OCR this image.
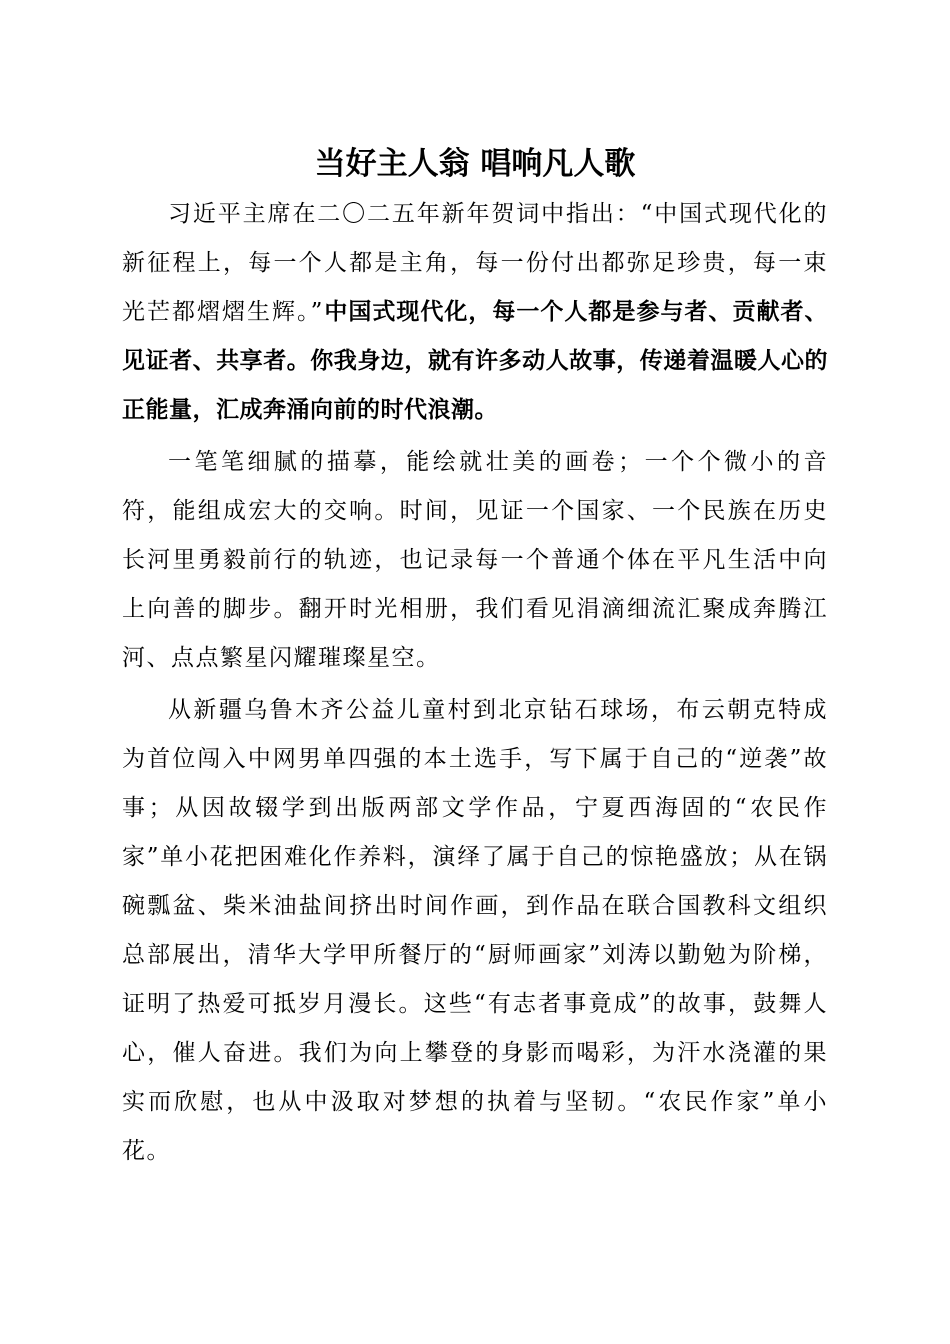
当好主人翁 唱响凡人歌

习近平主席在二〇二五年新年贺词中指出：“中国式现代化的新征程上，每一个人都是主角，每一份付出都弥足珍贵，每一束光芒都熠熠生辉。”中国式现代化，每一个人都是参与者、贡献者、见证者、共享者。你我身边，就有许多动人故事，传递着温暖人心的正能量，汇成奔涌向前的时代浪潮。

一笔笔细腻的描摹，能绘就壮美的画卷；一个个微小的音符，能组成宏大的交响。时间，见证一个国家、一个民族在历史长河里勇毅前行的轨迹，也记录每一个普通个体在平凡生活中向上向善的脚步。翻开时光相册，我们看见涓滴细流汇聚成奔腾江河、点点繁星闪耀璀璨星空。

从新疆乌鲁木齐公益儿童村到北京钻石球场，布云朝克特成为首位闯入中网男单四强的本土选手，写下属于自己的“逆袭”故事；从因故辍学到出版两部文学作品，宁夏西海固的“农民作家”单小花把困难化作养料，演绎了属于自己的惊艳盛放；从在锅碗瓢盆、柴米油盐间挤出时间作画，到作品在联合国教科文组织总部展出，清华大学甲所餐厅的“厨师画家”刘涛以勤勉为阶梯，证明了热爱可抵岁月漫长。这些“有志者事竟成”的故事，鼓舞人心，催人奋进。我们为向上攀登的身影而喝彩，为汗水浇灌的果实而欣慰，也从中汲取对梦想的执着与坚韧。“农民作家”单小花。
